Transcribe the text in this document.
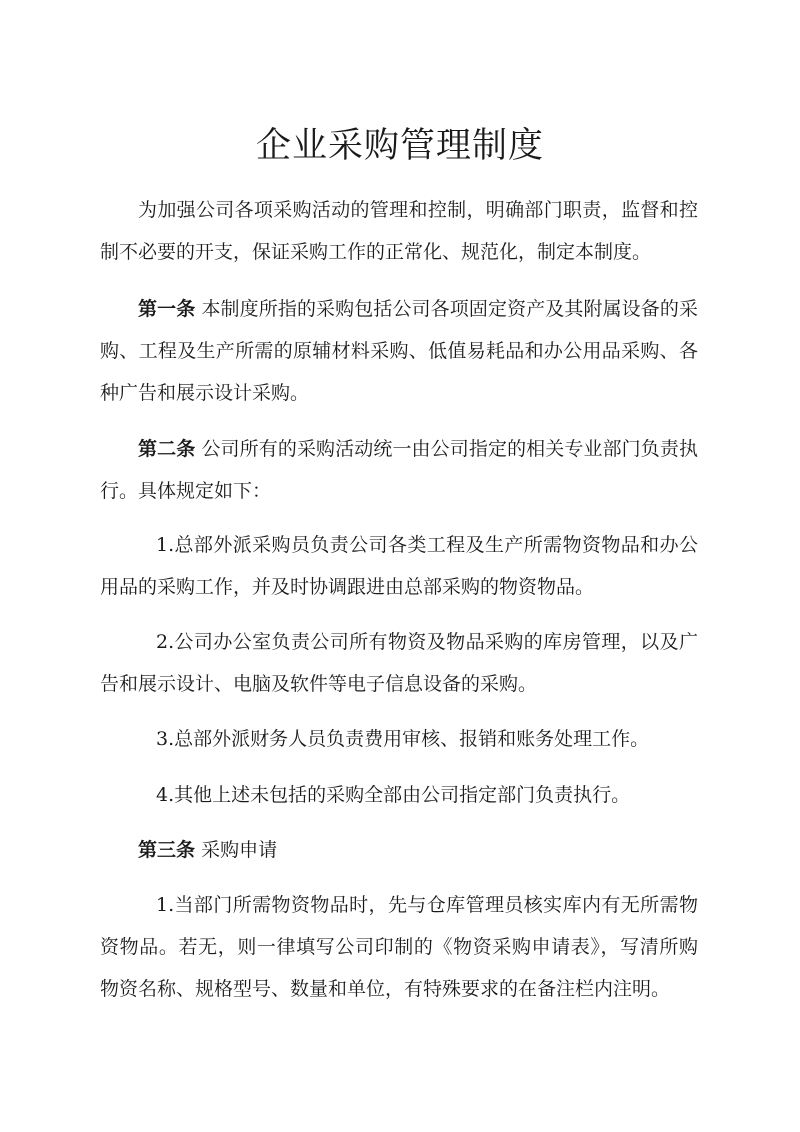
企业采购管理制度

为加强公司各项采购活动的管理和控制，明确部门职责，监督和控制不必要的开支，保证采购工作的正常化、规范化，制定本制度。

第一条 本制度所指的采购包括公司各项固定资产及其附属设备的采购、工程及生产所需的原辅材料采购、低值易耗品和办公用品采购、各种广告和展示设计采购。

第二条 公司所有的采购活动统一由公司指定的相关专业部门负责执行。具体规定如下：

1.总部外派采购员负责公司各类工程及生产所需物资物品和办公用品的采购工作，并及时协调跟进由总部采购的物资物品。

2.公司办公室负责公司所有物资及物品采购的库房管理，以及广告和展示设计、电脑及软件等电子信息设备的采购。

3.总部外派财务人员负责费用审核、报销和账务处理工作。

4.其他上述未包括的采购全部由公司指定部门负责执行。

第三条 采购申请

1.当部门所需物资物品时，先与仓库管理员核实库内有无所需物资物品。若无，则一律填写公司印制的《物资采购申请表》，写清所购物资名称、规格型号、数量和单位，有特殊要求的在备注栏内注明。
